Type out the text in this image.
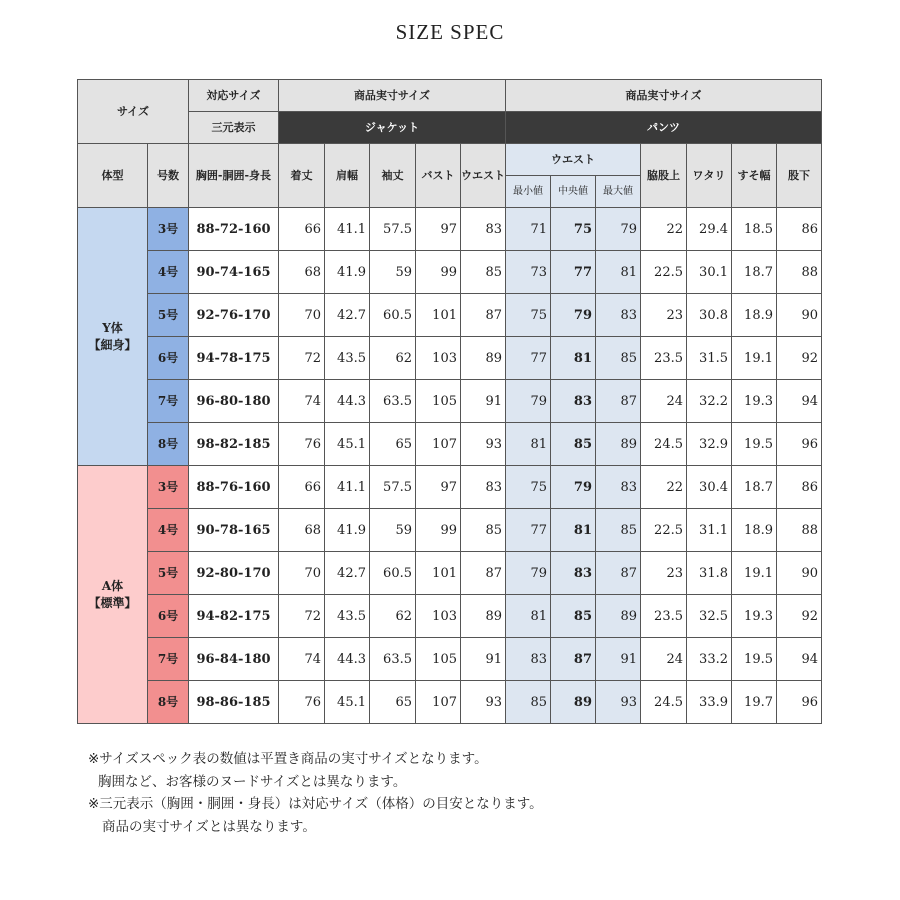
SIZE SPEC
サイズ		対応サイズ	商品実寸サイズ					商品実寸サイズ						
		三元表示	ジャケット					パンツ						
体型	号数	胸囲-胴囲-身長	着丈	肩幅	袖丈	バスト	ウエスト	ウエスト			脇股上	ワタリ	すそ幅	股下
								最小値	中央値	最大値				
Y体
【細身】	3号	88-72-160	66	41.1	57.5	97	83	71	75	79	22	29.4	18.5	86
	4号	90-74-165	68	41.9	59	99	85	73	77	81	22.5	30.1	18.7	88
	5号	92-76-170	70	42.7	60.5	101	87	75	79	83	23	30.8	18.9	90
	6号	94-78-175	72	43.5	62	103	89	77	81	85	23.5	31.5	19.1	92
	7号	96-80-180	74	44.3	63.5	105	91	79	83	87	24	32.2	19.3	94
	8号	98-82-185	76	45.1	65	107	93	81	85	89	24.5	32.9	19.5	96
A体
【標準】	3号	88-76-160	66	41.1	57.5	97	83	75	79	83	22	30.4	18.7	86
	4号	90-78-165	68	41.9	59	99	85	77	81	85	22.5	31.1	18.9	88
	5号	92-80-170	70	42.7	60.5	101	87	79	83	87	23	31.8	19.1	90
	6号	94-82-175	72	43.5	62	103	89	81	85	89	23.5	32.5	19.3	92
	7号	96-84-180	74	44.3	63.5	105	91	83	87	91	24	33.2	19.5	94
	8号	98-86-185	76	45.1	65	107	93	85	89	93	24.5	33.9	19.7	96
※サイズスペック表の数値は平置き商品の実寸サイズとなります。
胸囲など、お客様のヌードサイズとは異なります。
※三元表示（胸囲・胴囲・身長）は対応サイズ（体格）の目安となります。
商品の実寸サイズとは異なります。
